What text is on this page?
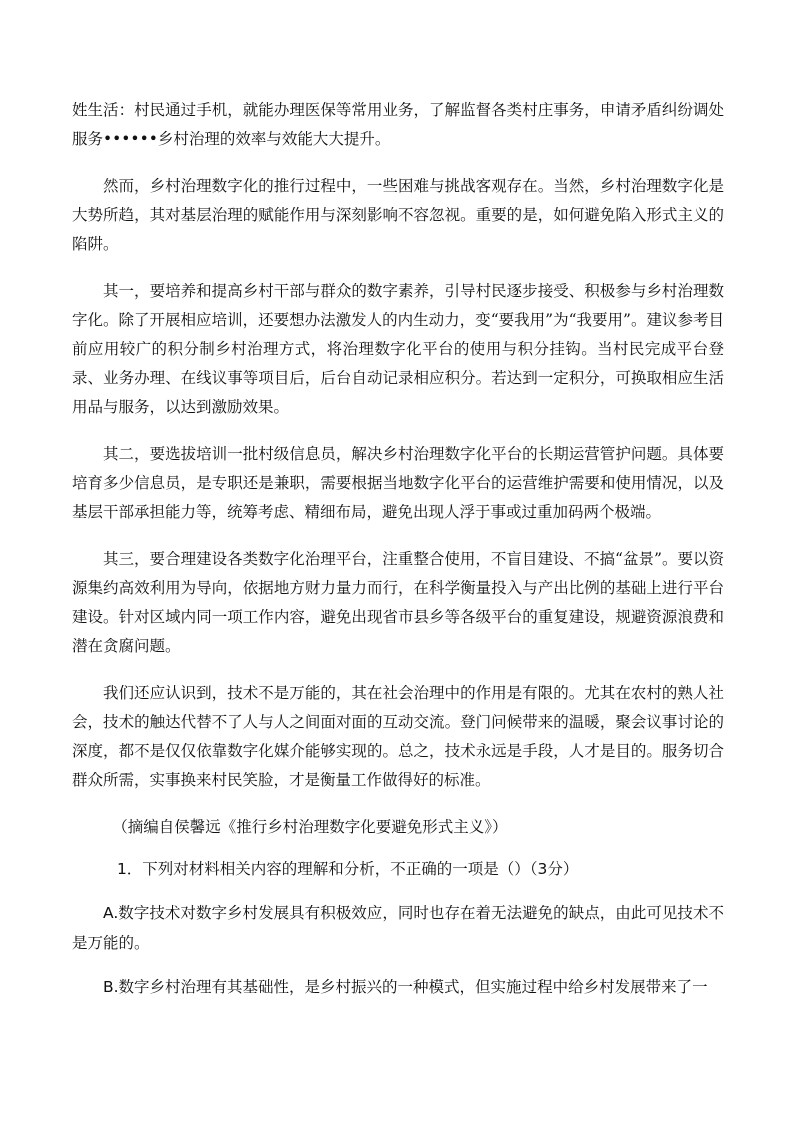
姓生活：村民通过手机，就能办理医保等常用业务，了解监督各类村庄事务，申请矛盾纠纷调处服务••••••乡村治理的效率与效能大大提升。

然而，乡村治理数字化的推行过程中，一些困难与挑战客观存在。当然，乡村治理数字化是大势所趋，其对基层治理的赋能作用与深刻影响不容忽视。重要的是，如何避免陷入形式主义的陷阱。

其一，要培养和提高乡村干部与群众的数字素养，引导村民逐步接受、积极参与乡村治理数字化。除了开展相应培训，还要想办法激发人的内生动力，变“要我用”为“我要用”。建议参考目前应用较广的积分制乡村治理方式，将治理数字化平台的使用与积分挂钩。当村民完成平台登录、业务办理、在线议事等项目后，后台自动记录相应积分。若达到一定积分，可换取相应生活用品与服务，以达到激励效果。

其二，要选拔培训一批村级信息员，解决乡村治理数字化平台的长期运营管护问题。具体要培育多少信息员，是专职还是兼职，需要根据当地数字化平台的运营维护需要和使用情况，以及基层干部承担能力等，统筹考虑、精细布局，避免出现人浮于事或过重加码两个极端。

其三，要合理建设各类数字化治理平台，注重整合使用，不盲目建设、不搞“盆景”。要以资源集约高效利用为导向，依据地方财力量力而行，在科学衡量投入与产出比例的基础上进行平台建设。针对区域内同一项工作内容，避免出现省市县乡等各级平台的重复建设，规避资源浪费和潜在贪腐问题。

我们还应认识到，技术不是万能的，其在社会治理中的作用是有限的。尤其在农村的熟人社会，技术的触达代替不了人与人之间面对面的互动交流。登门问候带来的温暖，聚会议事讨论的深度，都不是仅仅依靠数字化媒介能够实现的。总之，技术永远是手段，人才是目的。服务切合群众所需，实事换来村民笑脸，才是衡量工作做得好的标准。

（摘编自侯馨远《推行乡村治理数字化要避免形式主义》）

1．下列对材料相关内容的理解和分析，不正确的一项是（）（3分）

A.数字技术对数字乡村发展具有积极效应，同时也存在着无法避免的缺点，由此可见技术不是万能的。

B.数字乡村治理有其基础性，是乡村振兴的一种模式，但实施过程中给乡村发展带来了一
